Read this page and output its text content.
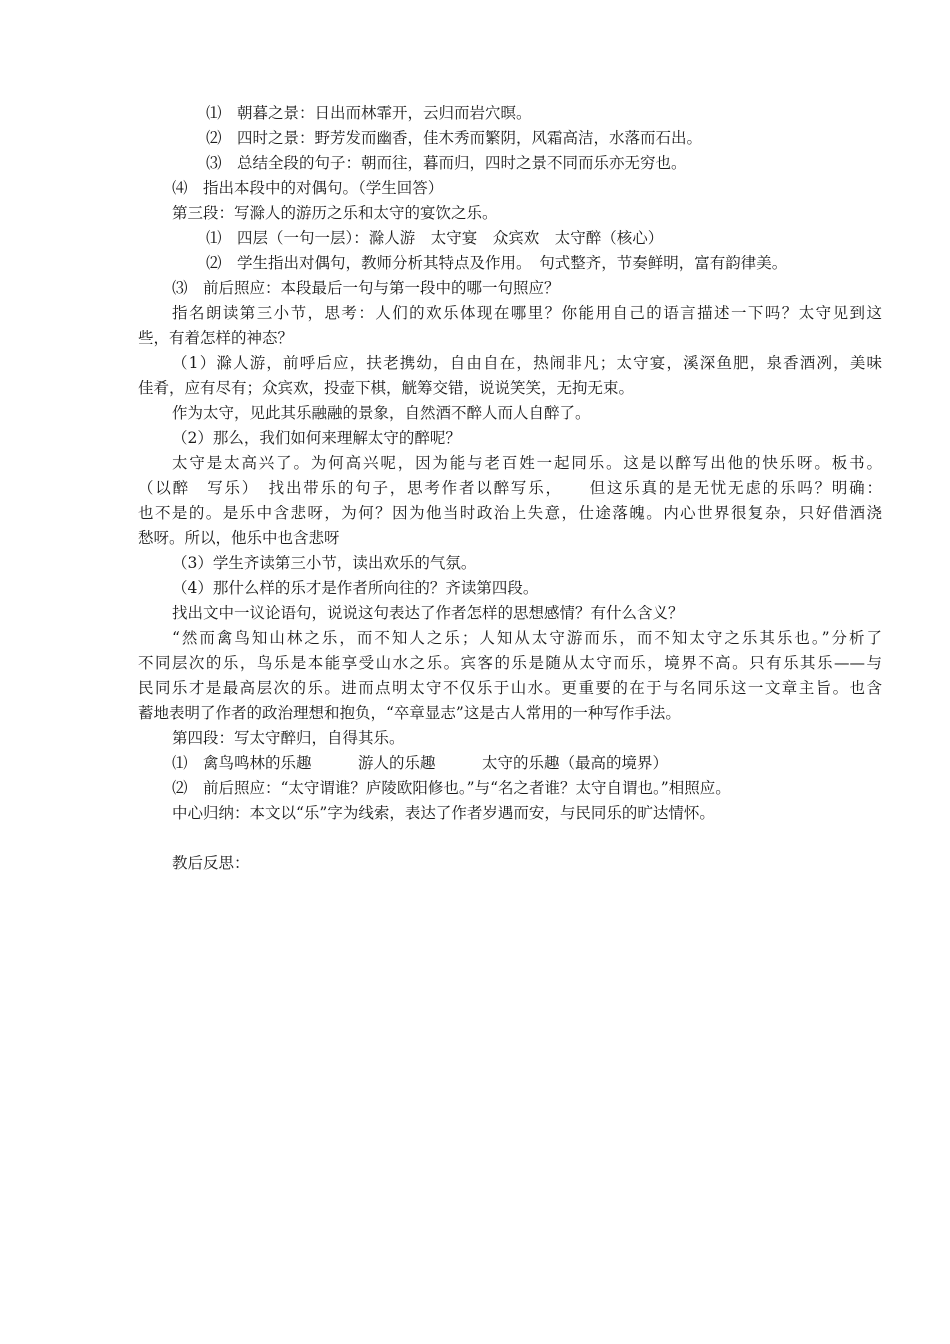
⑴　朝暮之景：日出而林霏开，云归而岩穴暝。
⑵　四时之景：野芳发而幽香，佳木秀而繁阴，风霜高洁，水落而石出。
⑶　总结全段的句子：朝而往，暮而归，四时之景不同而乐亦无穷也。
⑷　指出本段中的对偶句。（学生回答）
第三段：写滁人的游历之乐和太守的宴饮之乐。
⑴　四层（一句一层）：滁人游　太守宴　众宾欢　太守醉（核心）
⑵　学生指出对偶句，教师分析其特点及作用。　句式整齐，节奏鲜明，富有韵律美。
⑶　前后照应：本段最后一句与第一段中的哪一句照应？
指名朗读第三小节，思考：人们的欢乐体现在哪里？你能用自己的语言描述一下吗？太守见到这
些，有着怎样的神态？
（1）滁人游，前呼后应，扶老携幼，自由自在，热闹非凡；太守宴，溪深鱼肥，泉香酒冽，美味
佳肴，应有尽有；众宾欢，投壶下棋，觥筹交错，说说笑笑，无拘无束。
作为太守，见此其乐融融的景象，自然酒不醉人而人自醉了。
（2）那么，我们如何来理解太守的醉呢？
太守是太高兴了。为何高兴呢，因为能与老百姓一起同乐。这是以醉写出他的快乐呀。板书。
（以醉　写乐）　找出带乐的句子，思考作者以醉写乐，　　但这乐真的是无忧无虑的乐吗？明确：
也不是的。是乐中含悲呀，为何？因为他当时政治上失意，仕途落魄。内心世界很复杂，只好借酒浇
愁呀。所以，他乐中也含悲呀
（3）学生齐读第三小节，读出欢乐的气氛。
（4）那什么样的乐才是作者所向往的？齐读第四段。
找出文中一议论语句，说说这句表达了作者怎样的思想感情？有什么含义？
“然而禽鸟知山林之乐，而不知人之乐；人知从太守游而乐，而不知太守之乐其乐也。”分析了
不同层次的乐，鸟乐是本能享受山水之乐。宾客的乐是随从太守而乐，境界不高。只有乐其乐——与
民同乐才是最高层次的乐。进而点明太守不仅乐于山水。更重要的在于与名同乐这一文章主旨。也含
蓄地表明了作者的政治理想和抱负，“卒章显志”这是古人常用的一种写作手法。
第四段：写太守醉归，自得其乐。
⑴　禽鸟鸣林的乐趣　　　游人的乐趣　　　太守的乐趣（最高的境界）
⑵　前后照应：“太守谓谁？庐陵欧阳修也。”与“名之者谁？太守自谓也。”相照应。
中心归纳：本文以“乐”字为线索，表达了作者岁遇而安，与民同乐的旷达情怀。
教后反思：
